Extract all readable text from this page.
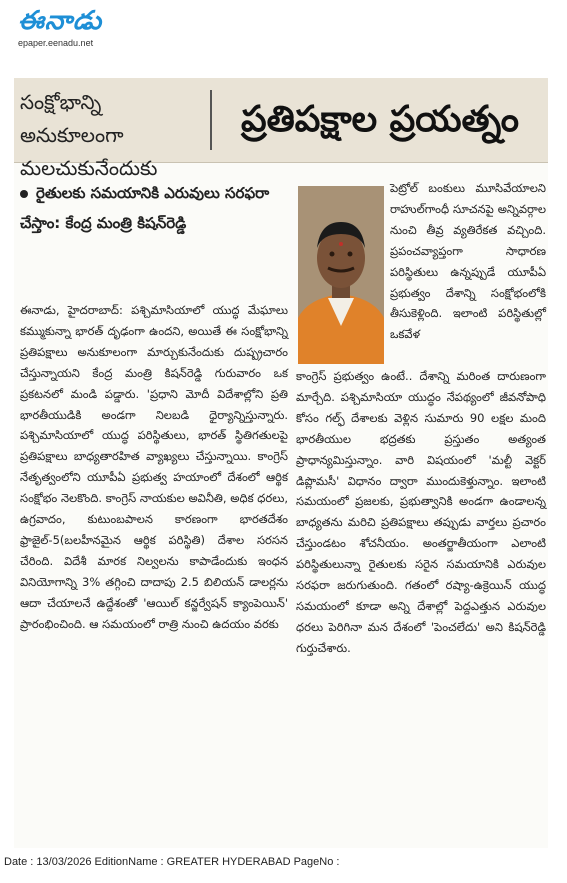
ఈనాడు
epaper.eenadu.net
సంక్షోభాన్ని అనుకూలంగా మలచుకునేందుకు
ప్రతిపక్షాల ప్రయత్నం
రైతులకు సమయానికి ఎరువులు సరఫరా చేస్తాం: కేంద్ర మంత్రి కిషన్‌రెడ్డి
ఈనాడు, హైదరాబాద్: పశ్చిమాసియాలో యుద్ధ మేఘాలు కమ్ముకున్నా భారత్ దృఢంగా ఉందని, అయితే ఈ సంక్షోభాన్ని ప్రతిపక్షాలు అనుకూలంగా మార్చుకునేందుకు దుష్ప్రచారం చేస్తున్నాయని కేంద్ర మంత్రి కిషన్‌రెడ్డి గురువారం ఒక ప్రకటనలో మండి పడ్డారు. 'ప్రధాని మోదీ విదేశాల్లోని ప్రతి భారతీయుడికి అండగా నిలబడి ధైర్యాన్నిస్తున్నారు. పశ్చిమాసియాలో యుద్ధ పరిస్థితులు, భారత్ స్థితిగతులపై ప్రతిపక్షాలు బాధ్యతారహిత వ్యాఖ్యలు చేస్తున్నాయి. కాంగ్రెస్ నేతృత్వంలోని యూపీఏ ప్రభుత్వ హయాంలో దేశంలో ఆర్థిక సంక్షోభం నెలకొంది. కాంగ్రెస్ నాయకుల అవినీతి, అధిక ధరలు, ఉగ్రవాదం, కుటుంబపాలన కారణంగా భారతదేశం ఫ్రాజైల్-5(బలహీనమైన ఆర్థిక పరిస్థితి) దేశాల సరసన చేరింది. విదేశీ మారక నిల్వలను కాపాడేందుకు ఇంధన వినియోగాన్ని 3% తగ్గించి దాదాపు 2.5 బిలియన్ డాలర్లను ఆదా చేయాలనే ఉద్దేశంతో 'ఆయిల్ కన్జర్వేషన్ క్యాంపెయిన్' ప్రారంభించింది. ఆ సమయంలో రాత్రి నుంచి ఉదయం వరకు
పెట్రోల్ బంకులు మూసివేయాలని రాహుల్‌గాంధీ సూచనపై అన్నివర్గాల నుంచి తీవ్ర వ్యతిరేకత వచ్చింది. ప్రపంచవ్యాప్తంగా సాధారణ పరిస్థితులు ఉన్నప్పుడే యూపీఏ ప్రభుత్వం దేశాన్ని సంక్షోభంలోకి తీసుకెళ్లింది. ఇలాంటి పరిస్థితుల్లో ఒకవేళ
కాంగ్రెస్ ప్రభుత్వం ఉంటే.. దేశాన్ని మరింత దారుణంగా మార్చేది. పశ్చిమాసియా యుద్ధం నేపథ్యంలో జీవనోపాధి కోసం గల్ఫ్ దేశాలకు వెళ్లిన సుమారు 90 లక్షల మంది భారతీయుల భద్రతకు ప్రస్తుతం అత్యంత ప్రాధాన్యమిస్తున్నాం. వారి విషయంలో 'మల్టీ వెక్టర్ డిప్లొమసీ' విధానం ద్వారా ముందుకెళ్తున్నాం. ఇలాంటి సమయంలో ప్రజలకు, ప్రభుత్వానికి అండగా ఉండాలన్న బాధ్యతను మరిచి ప్రతిపక్షాలు తప్పుడు వార్తలు ప్రచారం చేస్తుండటం శోచనీయం. అంతర్జాతీయంగా ఎలాంటి పరిస్థితులున్నా రైతులకు సరైన సమయానికి ఎరువుల సరఫరా జరుగుతుంది. గతంలో రష్యా-ఉక్రెయిన్ యుద్ధ సమయంలో కూడా అన్ని దేశాల్లో పెద్దఎత్తున ఎరువుల ధరలు పెరిగినా మన దేశంలో 'పెంచలేదు' అని కిషన్‌రెడ్డి గుర్తుచేశారు.
Date : 13/03/2026 EditionName : GREATER HYDERABAD PageNo :
